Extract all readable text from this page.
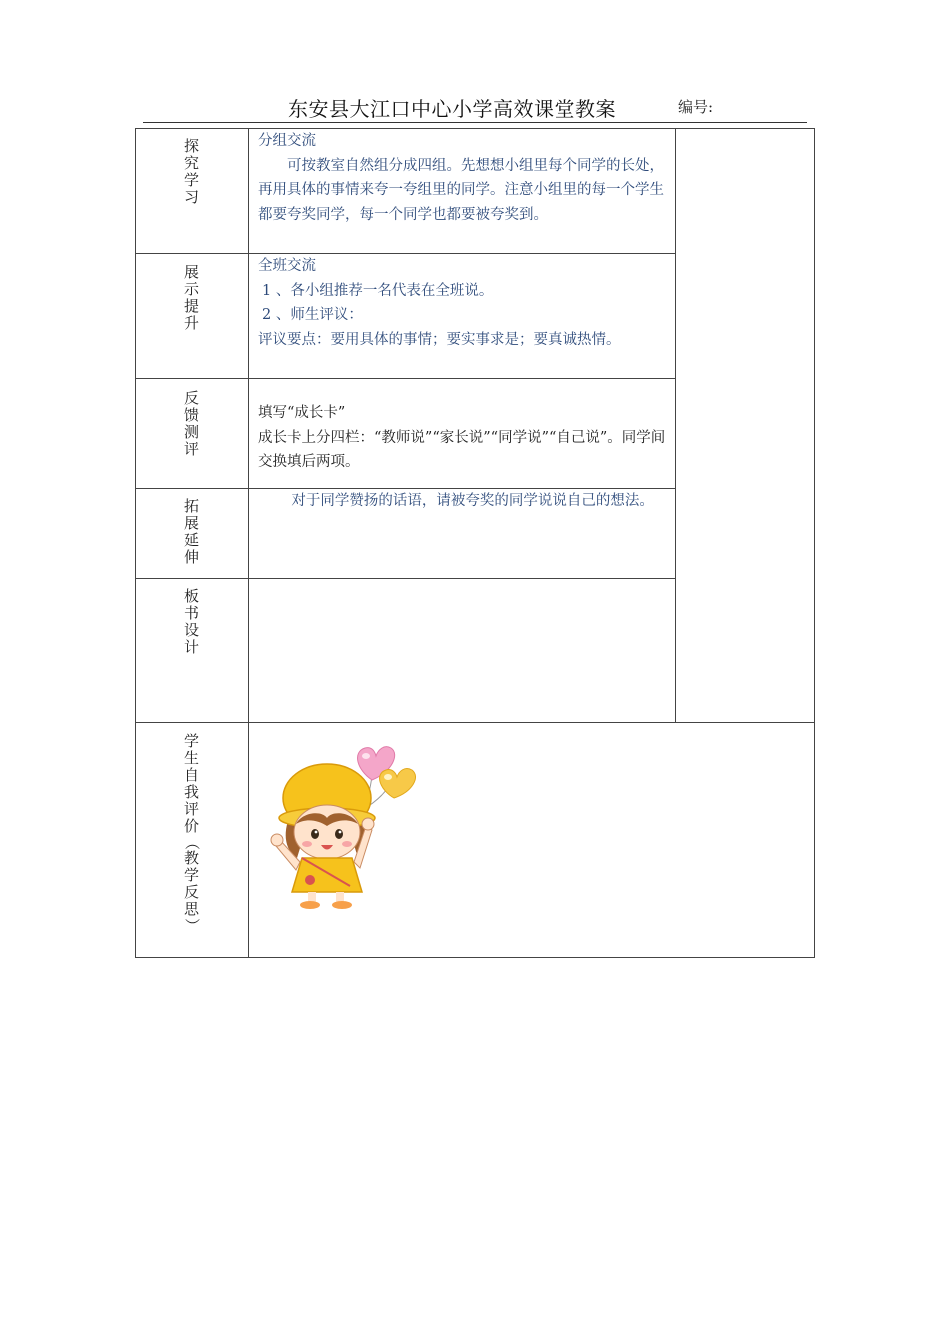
东安县大江口中心小学高效课堂教案	编号:
探
究
学
习
分组交流
可按教室自然组分成四组。先想想小组里每个同学的长处，再用具体的事情来夸一夸组里的同学。注意小组里的每一个学生都要夸奖同学，每一个同学也都要被夸奖到。
展
示
提
升
全班交流
1 、各小组推荐一名代表在全班说。
2 、师生评议：
评议要点：要用具体的事情；要实事求是；要真诚热情。
反
馈
测
评
填写“成长卡”
成长卡上分四栏：“教师说”“家长说”“同学说”“自己说”。同学间交换填后两项。
拓
展
延
伸
对于同学赞扬的话语，请被夸奖的同学说说自己的想法。
板
书
设
计
学
生
自
我
评
价
（
教
学
反
思
）
